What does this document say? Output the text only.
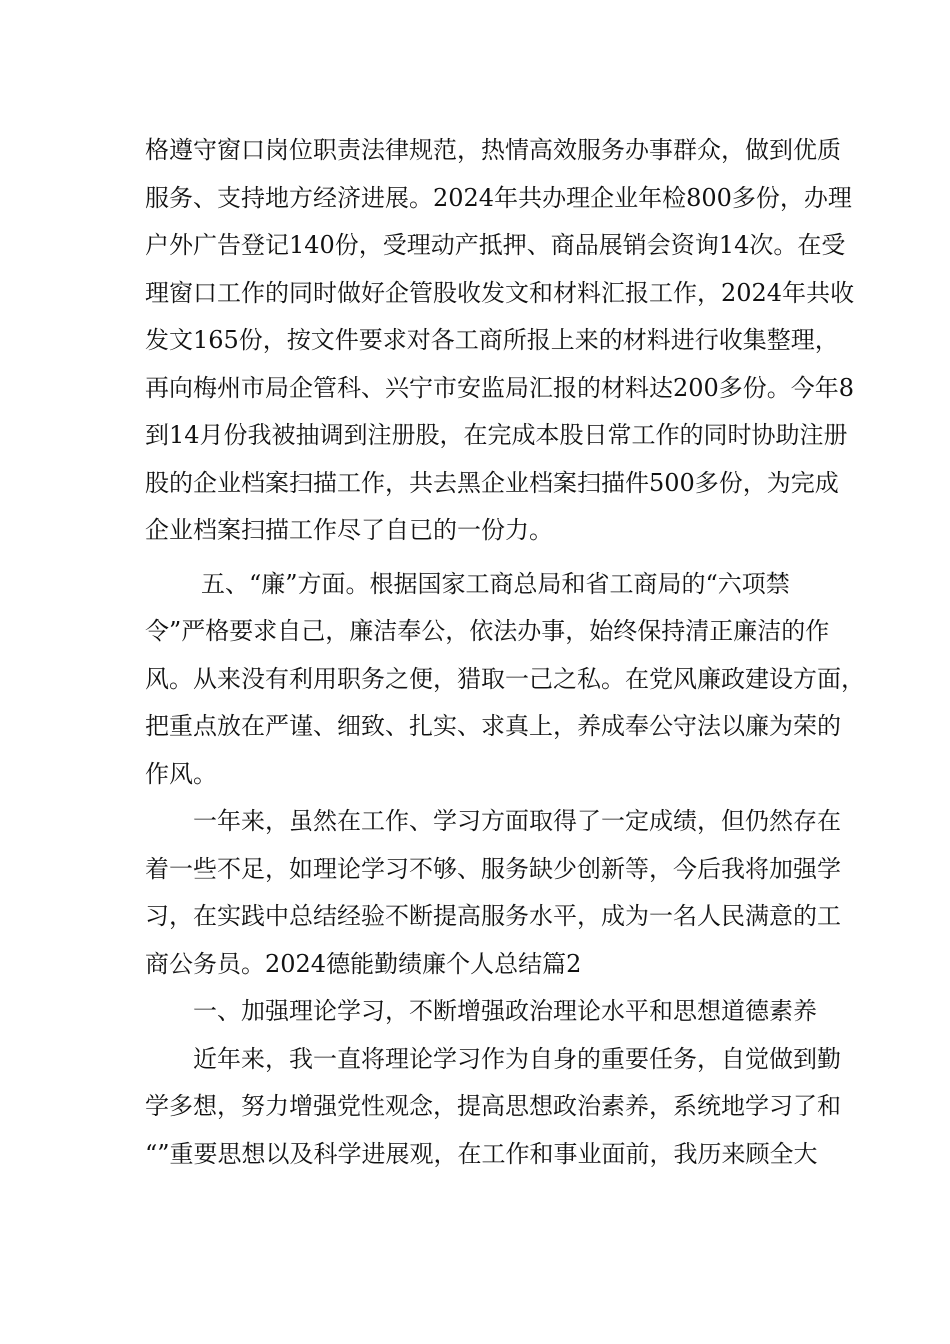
格遵守窗口岗位职责法律规范，热情高效服务办事群众，做到优质
服务、支持地方经济进展。2024年共办理企业年检800多份，办理
户外广告登记140份，受理动产抵押、商品展销会资询14次。在受
理窗口工作的同时做好企管股收发文和材料汇报工作，2024年共收
发文165份，按文件要求对各工商所报上来的材料进行收集整理，
再向梅州市局企管科、兴宁市安监局汇报的材料达200多份。今年8
到14月份我被抽调到注册股，在完成本股日常工作的同时协助注册
股的企业档案扫描工作，共去黑企业档案扫描件500多份，为完成
企业档案扫描工作尽了自已的一份力。
五、“廉”方面。根据国家工商总局和省工商局的“六项禁
令”严格要求自己，廉洁奉公，依法办事，始终保持清正廉洁的作
风。从来没有利用职务之便，猎取一己之私。在党风廉政建设方面，
把重点放在严谨、细致、扎实、求真上，养成奉公守法以廉为荣的
作风。
一年来，虽然在工作、学习方面取得了一定成绩，但仍然存在
着一些不足，如理论学习不够、服务缺少创新等，今后我将加强学
习，在实践中总结经验不断提高服务水平，成为一名人民满意的工
商公务员。2024德能勤绩廉个人总结篇2
一、加强理论学习，不断增强政治理论水平和思想道德素养
近年来，我一直将理论学习作为自身的重要任务，自觉做到勤
学多想，努力增强党性观念，提高思想政治素养，系统地学习了和
“”重要思想以及科学进展观，在工作和事业面前，我历来顾全大
